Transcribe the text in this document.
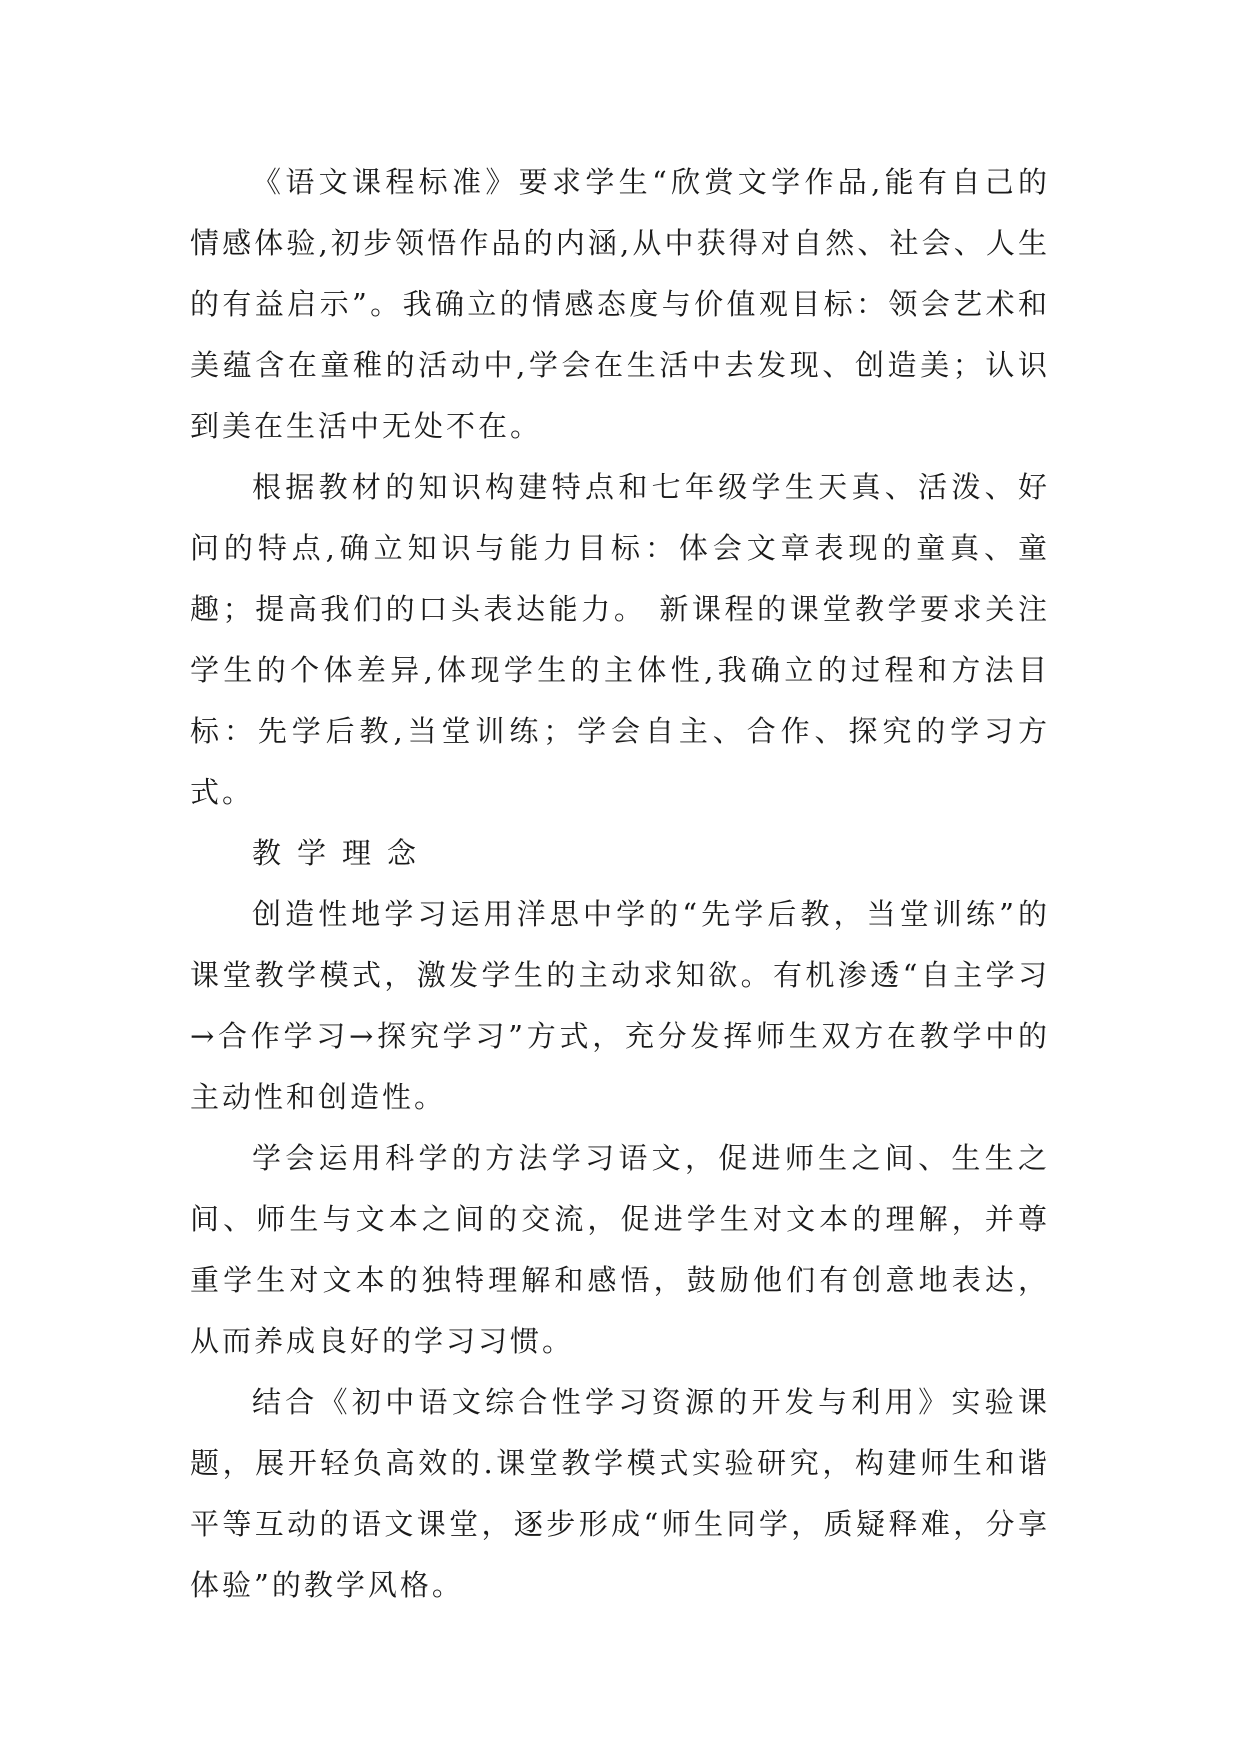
《语文课程标准》要求学生“欣赏文学作品,能有自己的情感体验,初步领悟作品的内涵,从中获得对自然、社会、人生的有益启示”。我确立的情感态度与价值观目标：领会艺术和美蕴含在童稚的活动中,学会在生活中去发现、创造美；认识到美在生活中无处不在。

根据教材的知识构建特点和七年级学生天真、活泼、好问的特点,确立知识与能力目标：体会文章表现的童真、童趣；提高我们的口头表达能力。 新课程的课堂教学要求关注学生的个体差异,体现学生的主体性,我确立的过程和方法目标：先学后教,当堂训练；学会自主、合作、探究的学习方式。

教学理念

创造性地学习运用洋思中学的“先学后教，当堂训练”的课堂教学模式，激发学生的主动求知欲。有机渗透“自主学习→合作学习→探究学习”方式，充分发挥师生双方在教学中的主动性和创造性。

学会运用科学的方法学习语文，促进师生之间、生生之间、师生与文本之间的交流，促进学生对文本的理解，并尊重学生对文本的独特理解和感悟，鼓励他们有创意地表达，从而养成良好的学习习惯。

结合《初中语文综合性学习资源的开发与利用》实验课题，展开轻负高效的.课堂教学模式实验研究，构建师生和谐平等互动的语文课堂，逐步形成“师生同学，质疑释难，分享体验”的教学风格。
